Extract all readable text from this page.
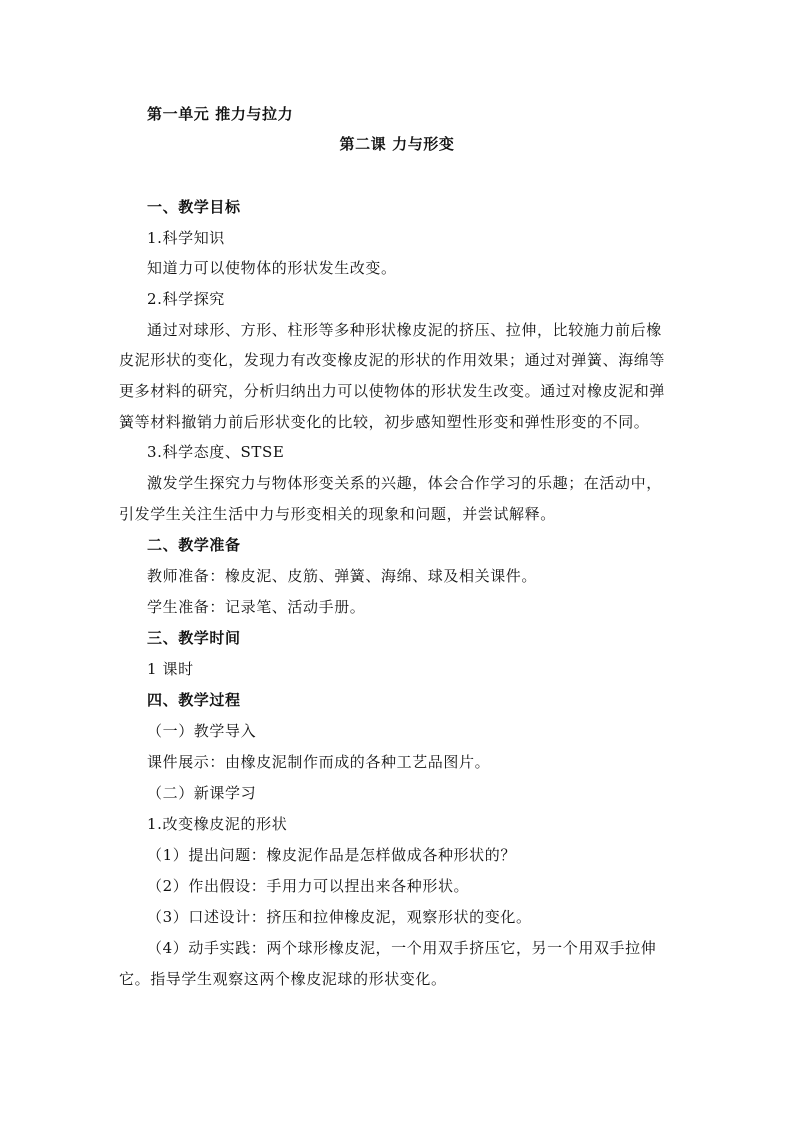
第一单元 推力与拉力
第二课 力与形变
一、教学目标
1.科学知识
知道力可以使物体的形状发生改变。
2.科学探究
通过对球形、方形、柱形等多种形状橡皮泥的挤压、拉伸，比较施力前后橡
皮泥形状的变化，发现力有改变橡皮泥的形状的作用效果；通过对弹簧、海绵等
更多材料的研究，分析归纳出力可以使物体的形状发生改变。通过对橡皮泥和弹
簧等材料撤销力前后形状变化的比较，初步感知塑性形变和弹性形变的不同。
3.科学态度、STSE
激发学生探究力与物体形变关系的兴趣，体会合作学习的乐趣；在活动中，
引发学生关注生活中力与形变相关的现象和问题，并尝试解释。
二、教学准备
教师准备：橡皮泥、皮筋、弹簧、海绵、球及相关课件。
学生准备：记录笔、活动手册。
三、教学时间
1 课时
四、教学过程
（一）教学导入
课件展示：由橡皮泥制作而成的各种工艺品图片。
（二）新课学习
1.改变橡皮泥的形状
（1）提出问题：橡皮泥作品是怎样做成各种形状的？
（2）作出假设：手用力可以捏出来各种形状。
（3）口述设计：挤压和拉伸橡皮泥，观察形状的变化。
（4）动手实践：两个球形橡皮泥，一个用双手挤压它，另一个用双手拉伸
它。指导学生观察这两个橡皮泥球的形状变化。
